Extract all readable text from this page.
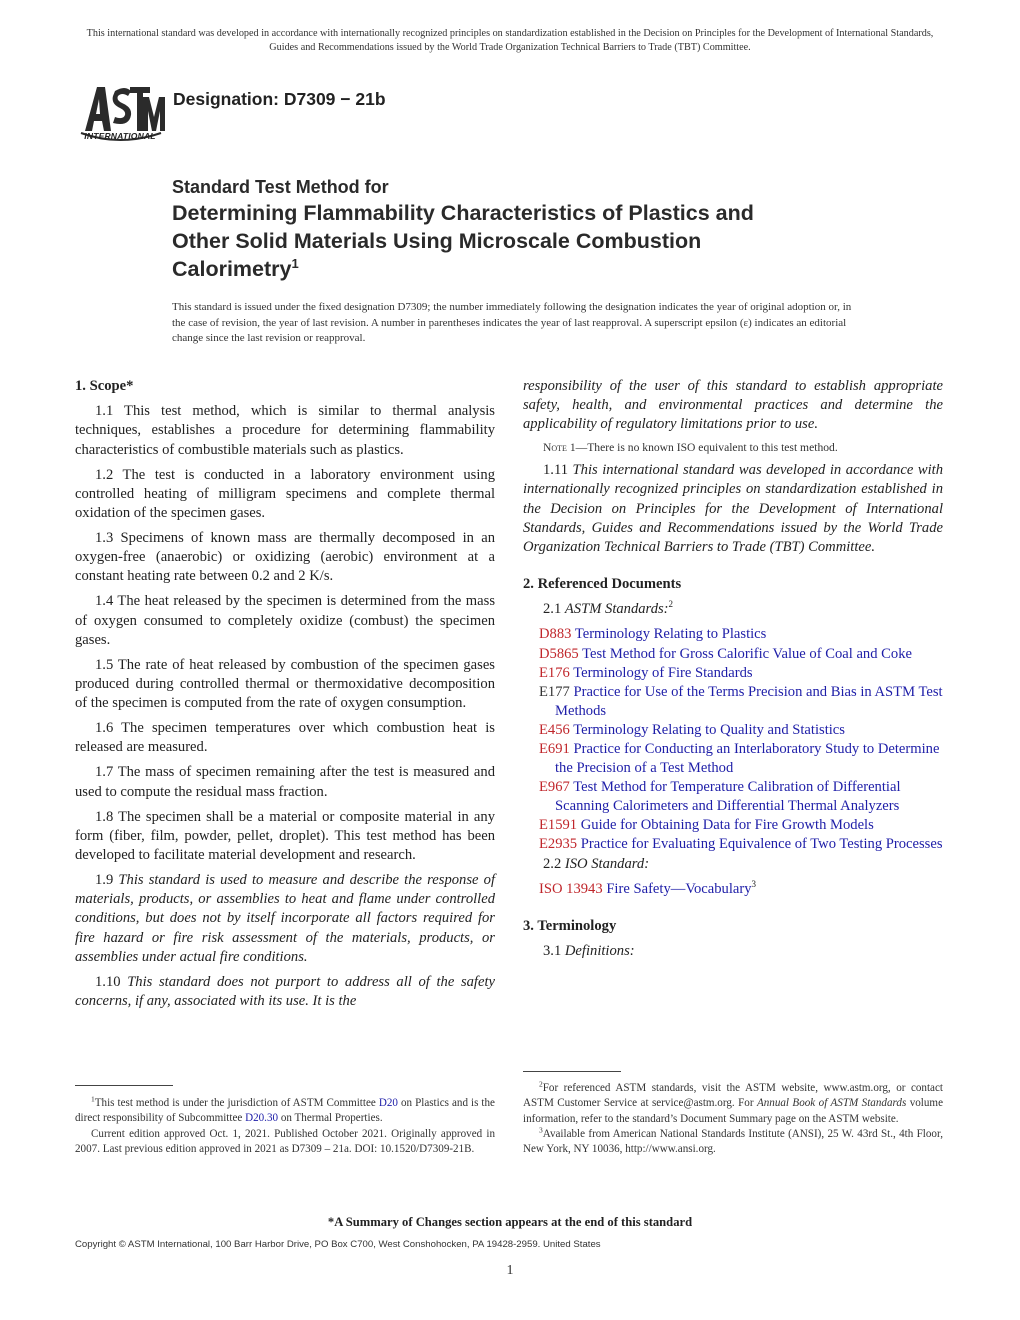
This international standard was developed in accordance with internationally recognized principles on standardization established in the Decision on Principles for the Development of International Standards, Guides and Recommendations issued by the World Trade Organization Technical Barriers to Trade (TBT) Committee.
INTERNATIONAL
Designation: D7309 − 21b
Standard Test Method for
Determining Flammability Characteristics of Plastics and
Other Solid Materials Using Microscale Combustion
Calorimetry$^1$
This standard is issued under the fixed designation D7309; the number immediately following the designation indicates the year of original adoption or, in the case of revision, the year of last revision. A number in parentheses indicates the year of last reapproval. A superscript epsilon (ε) indicates an editorial change since the last revision or reapproval.
1. Scope*

1.1 This test method, which is similar to thermal analysis techniques, establishes a procedure for determining flammability characteristics of combustible materials such as plastics.

1.2 The test is conducted in a laboratory environment using controlled heating of milligram specimens and complete thermal oxidation of the specimen gases.

1.3 Specimens of known mass are thermally decomposed in an oxygen-free (anaerobic) or oxidizing (aerobic) environment at a constant heating rate between 0.2 and 2 K/s.

1.4 The heat released by the specimen is determined from the mass of oxygen consumed to completely oxidize (combust) the specimen gases.

1.5 The rate of heat released by combustion of the specimen gases produced during controlled thermal or thermoxidative decomposition of the specimen is computed from the rate of oxygen consumption.

1.6 The specimen temperatures over which combustion heat is released are measured.

1.7 The mass of specimen remaining after the test is measured and used to compute the residual mass fraction.

1.8 The specimen shall be a material or composite material in any form (fiber, film, powder, pellet, droplet). This test method has been developed to facilitate material development and research.

1.9 This standard is used to measure and describe the response of materials, products, or assemblies to heat and flame under controlled conditions, but does not by itself incorporate all factors required for fire hazard or fire risk assessment of the materials, products, or assemblies under actual fire conditions.

1.10 This standard does not purport to address all of the safety concerns, if any, associated with its use. It is the

$^1$This test method is under the jurisdiction of ASTM Committee D20 on Plastics and is the direct responsibility of Subcommittee D20.30 on Thermal Properties.

Current edition approved Oct. 1, 2021. Published October 2021. Originally approved in 2007. Last previous edition approved in 2021 as D7309 – 21a. DOI: 10.1520/D7309-21B.

responsibility of the user of this standard to establish appropriate safety, health, and environmental practices and determine the applicability of regulatory limitations prior to use.

Note 1—There is no known ISO equivalent to this test method.

1.11 This international standard was developed in accordance with internationally recognized principles on standardization established in the Decision on Principles for the Development of International Standards, Guides and Recommendations issued by the World Trade Organization Technical Barriers to Trade (TBT) Committee.

2. Referenced Documents

2.1 ASTM Standards:$^2$

D883 Terminology Relating to Plastics
D5865 Test Method for Gross Calorific Value of Coal and Coke
E176 Terminology of Fire Standards
E177 Practice for Use of the Terms Precision and Bias in ASTM Test Methods
E456 Terminology Relating to Quality and Statistics
E691 Practice for Conducting an Interlaboratory Study to Determine the Precision of a Test Method
E967 Test Method for Temperature Calibration of Differential Scanning Calorimeters and Differential Thermal Analyzers
E1591 Guide for Obtaining Data for Fire Growth Models
E2935 Practice for Evaluating Equivalence of Two Testing Processes

2.2 ISO Standard:

ISO 13943 Fire Safety—Vocabulary$^3$
3. Terminology

3.1 Definitions:

$^2$For referenced ASTM standards, visit the ASTM website, www.astm.org, or contact ASTM Customer Service at service@astm.org. For Annual Book of ASTM Standards volume information, refer to the standard’s Document Summary page on the ASTM website.

$^3$Available from American National Standards Institute (ANSI), 25 W. 43rd St., 4th Floor, New York, NY 10036, http://www.ansi.org.

*A Summary of Changes section appears at the end of this standard
Copyright © ASTM International, 100 Barr Harbor Drive, PO Box C700, West Conshohocken, PA 19428-2959. United States
1
